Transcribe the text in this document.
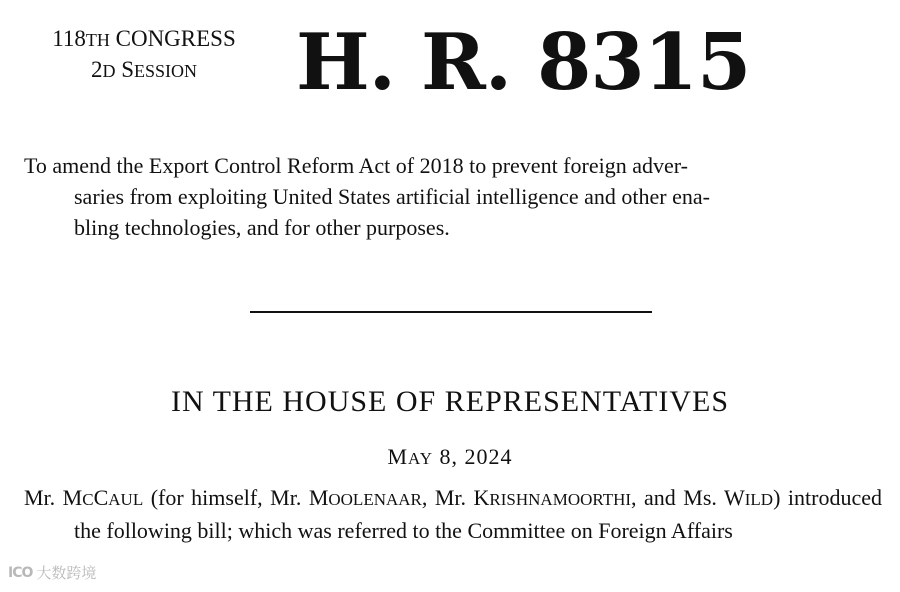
118TH CONGRESS
2D SESSION	H. R. 8315
To amend the Export Control Reform Act of 2018 to prevent foreign adver-
saries from exploiting United States artificial intelligence and other ena-
bling technologies, and for other purposes.
IN THE HOUSE OF REPRESENTATIVES
MAY 8, 2024
Mr. MCCAUL (for himself, Mr. MOOLENAAR, Mr. KRISHNAMOORTHI, and Ms. WILD) introduced the following bill; which was referred to the Committee on Foreign Affairs
ICO 大数跨境
